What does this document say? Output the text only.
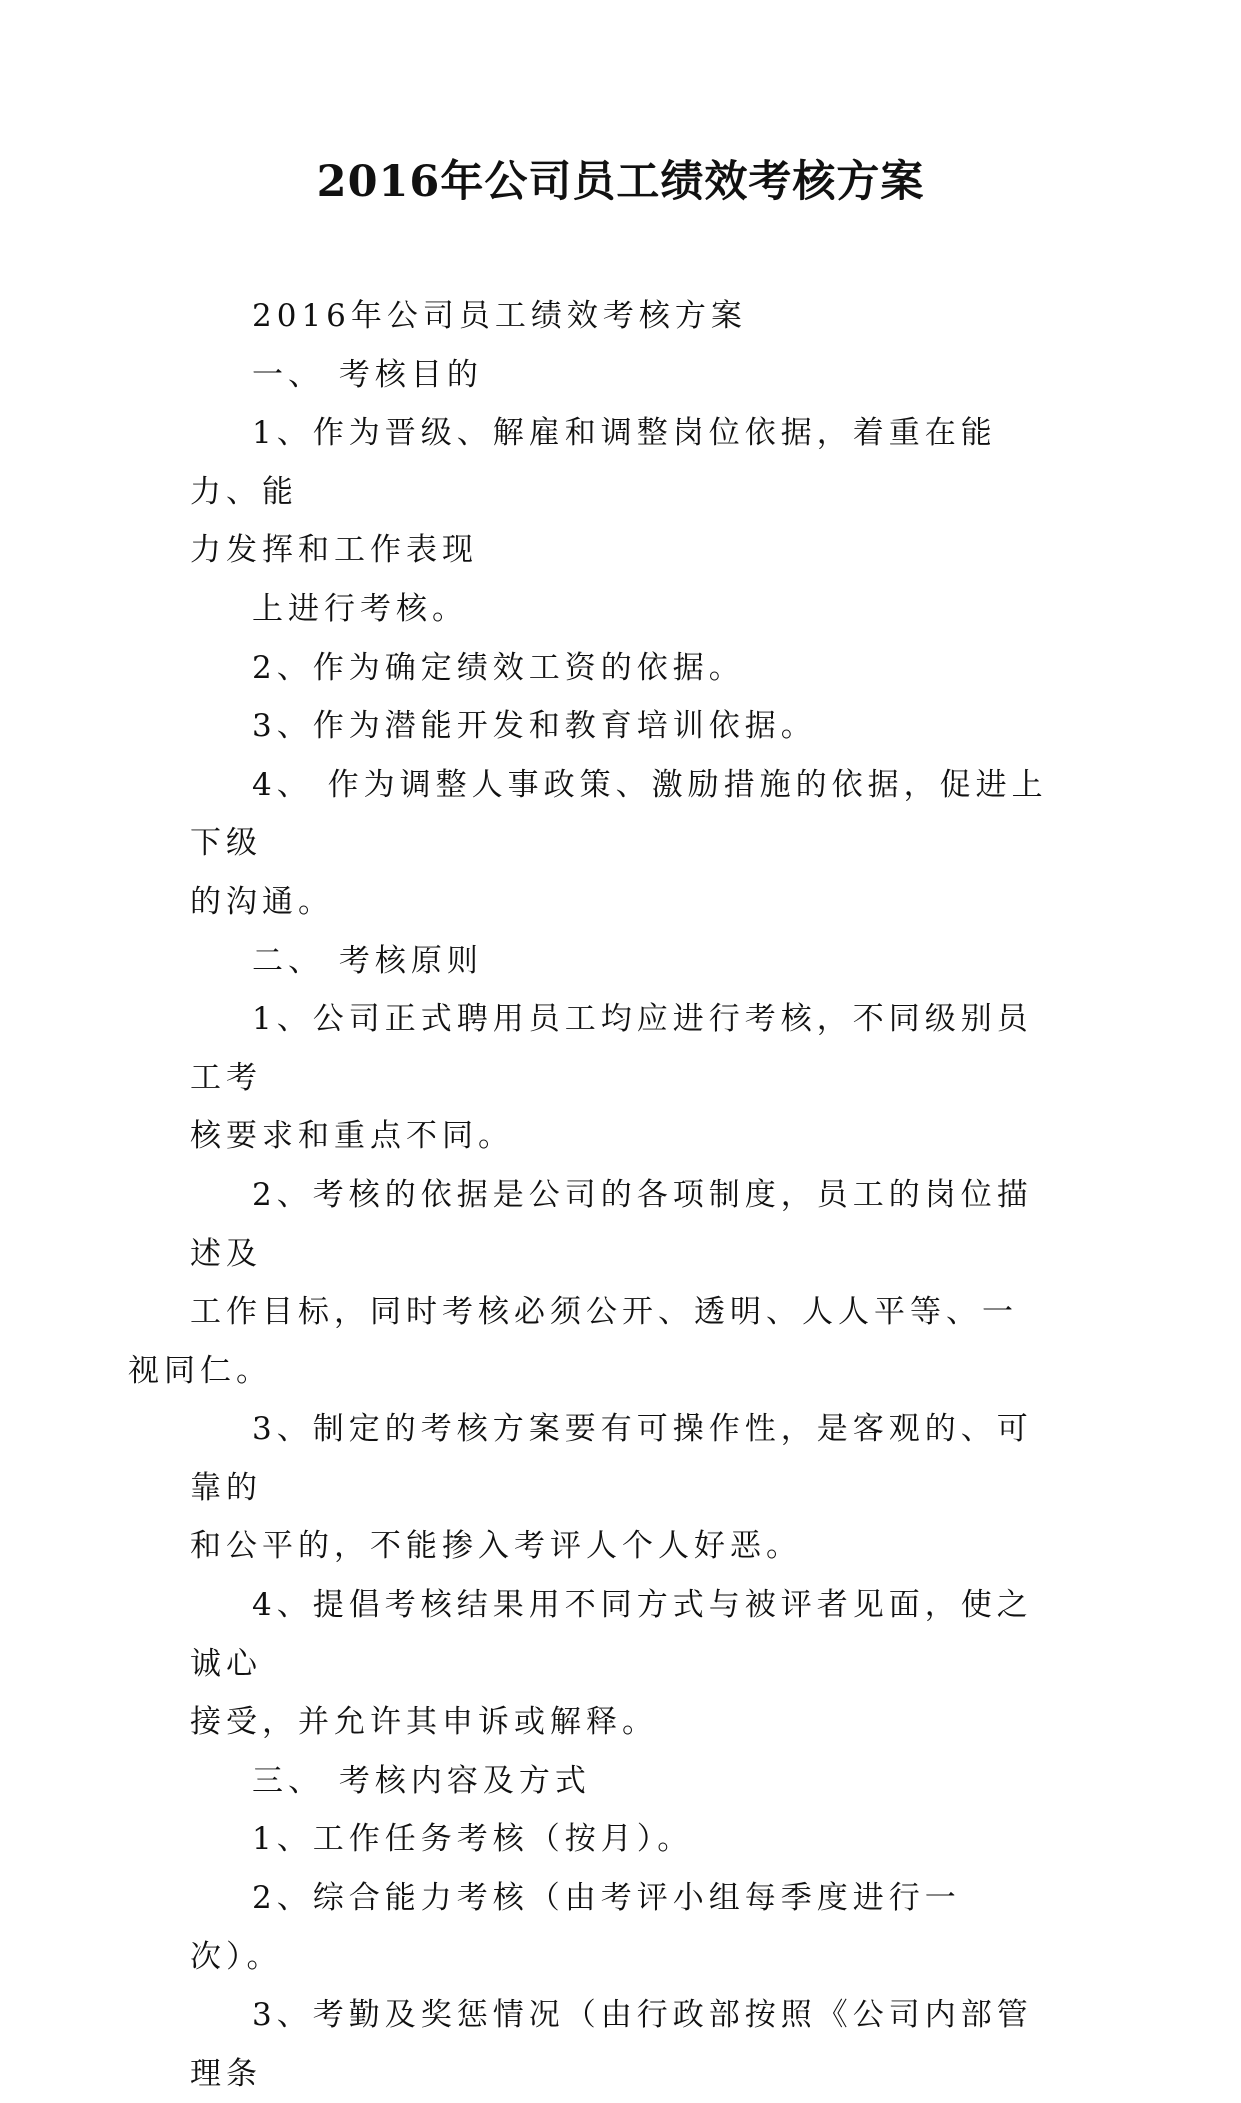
2016年公司员工绩效考核方案

2016年公司员工绩效考核方案

一、 考核目的

1、作为晋级、解雇和调整岗位依据，着重在能力、能
力发挥和工作表现

上进行考核。

2、作为确定绩效工资的依据。

3、作为潜能开发和教育培训依据。

4、 作为调整人事政策、激励措施的依据，促进上下级
的沟通。

二、 考核原则

1、公司正式聘用员工均应进行考核，不同级别员工考
核要求和重点不同。

2、考核的依据是公司的各项制度，员工的岗位描述及
工作目标，同时考核必须公开、透明、人人平等、一视同仁。

3、制定的考核方案要有可操作性，是客观的、可靠的
和公平的，不能掺入考评人个人好恶。

4、提倡考核结果用不同方式与被评者见面，使之诚心
接受，并允许其申诉或解释。

三、 考核内容及方式

1、工作任务考核（按月）。

2、综合能力考核（由考评小组每季度进行一次）。

3、考勤及奖惩情况（由行政部按照《公司内部管理条
